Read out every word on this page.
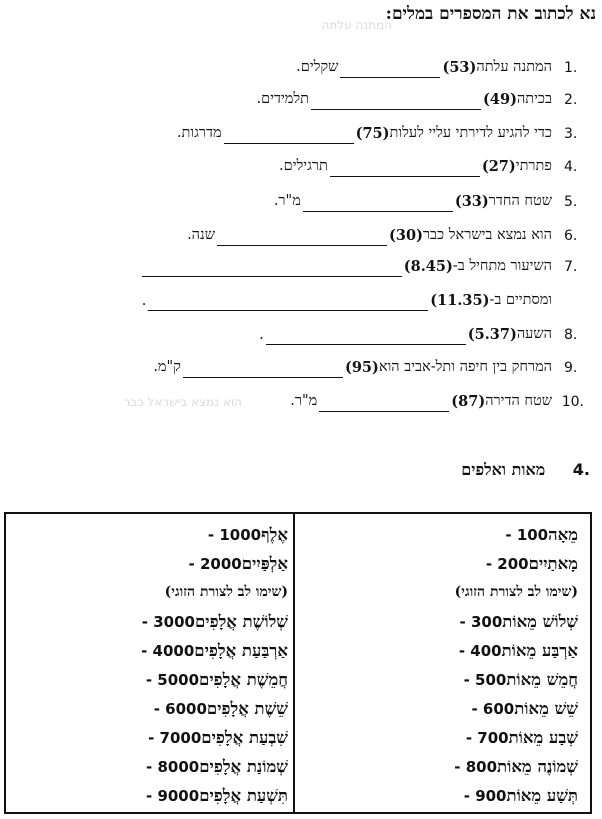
המתנה עלתה
הוא נמצא בישראל כבר
נא לכתוב את המספרים במלים:
.1
המתנה עלתה
(53)
שקלים.
.2
בכיתה
(49)
תלמידים.
.3
כדי להגיע לדירתי עליי לעלות
(75)
מדרגות.
.4
פתרתי
(27)
תרגילים.
.5
שטח החדר
(33)
מ"ר.
.6
הוא נמצא בישראל כבר
(30)
שנה.
.7
השיעור מתחיל ב-
(8.45)
ומסתיים ב-
(11.35)
.
.8
השעה
(5.37)
.
.9
המרחק בין חיפה ותל-אביב הוא
(95)
ק"מ.
.10
שטח הדירה
(87)
מ"ר.
.4 מאות ואלפים
100 - מֵאָה
200 - מָאתַיִים
(שימו לב לצורת הזוגי)
300 - שְׁלוֹשׁ מֵאוֹת
400 - אַרְבַּע מֵאוֹת
500 - חֲמֵשׁ מֵאוֹת
600 - שֵׁשׁ מֵאוֹת
700 - שְׁבַע מֵאוֹת
800 - שְׁמוֹנֶה מֵאוֹת
900 - תְּשַׁע מֵאוֹת
1000 - אֶלֶף
2000 - אַלְפַּיִים
(שימו לב לצורת הזוגי)
3000 - שְׁלוֹשֶׁת אֲלָפִים
4000 - אַרְבַּעַת אֲלָפִים
5000 - חֲמֵשֶׁת אֲלָפִים
6000 - שֵׁשֶׁת אֲלָפִים
7000 - שִׁבְעַת אֲלָפִים
8000 - שְׁמוֹנַת אֲלָפִים
9000 - תִּשְׁעַת אֲלָפִים
